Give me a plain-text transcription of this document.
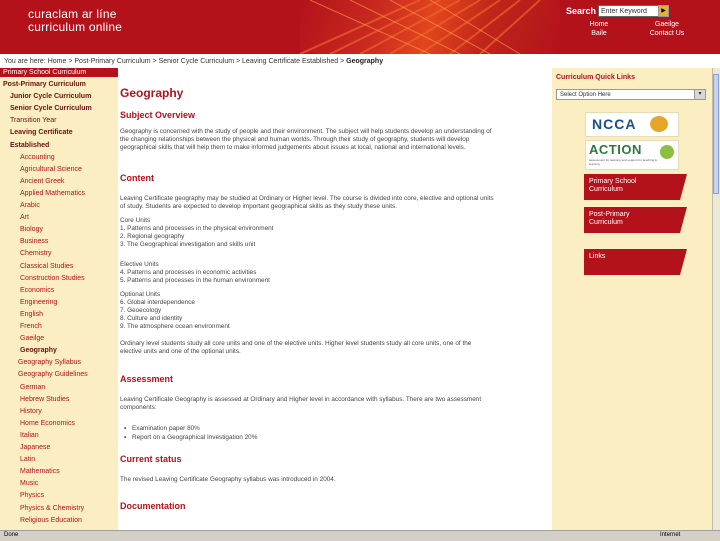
curaclam ar líne
curriculum online
Search
Enter Keyword	▶
Home
Baile
Gaeilge
Contact Us
You are here: Home > Post-Primary Curriculum > Senior Cycle Curriculum > Leaving Certificate Established > Geography
Primary School Curriculum
Post-Primary Curriculum
Junior Cycle Curriculum
Senior Cycle Curriculum
Transition Year
Leaving Certificate
Established
Accounting
Agricultural Science
Ancient Greek
Applied Mathematics
Arabic
Art
Biology
Business
Chemistry
Classical Studies
Construction Studies
Economics
Engineering
English
French
Gaeilge
Geography
Geography Syllabus
Geography Guidelines
German
Hebrew Studies
History
Home Economics
Italian
Japanese
Latin
Mathematics
Music
Physics
Physics & Chemistry
Religious Education
Geography
Subject Overview
Geography is concerned with the study of people and their environment. The subject will help students develop an understanding of
the changing relationships between the physical and human worlds. Through their study of geography, students will develop
geographical skills that will help them to make informed judgements about issues at local, national and international levels.
Content
Leaving Certificate geography may be studied at Ordinary or Higher level. The course is divided into core, elective and optional units
of study. Students are expected to develop important geographical skills as they study these units.
Core Units
1. Patterns and processes in the physical environment
2. Regional geography
3. The Geographical investigation and skills unit
Elective Units
4. Patterns and processes in economic activities
5. Patterns and processes in the human environment
Optional Units
6. Global interdependence
7. Geoecology
8. Culture and identity
9. The atmosphere ocean environment
Ordinary level students study all core units and one of the elective units. Higher level students study all core units, one of the
elective units and one of the optional units.
Assessment
Leaving Certificate Geography is assessed at Ordinary and Higher level in accordance with syllabus. There are two assessment
components:
▪ Examination paper 80%
▪ Report on a Geographical Investigation 20%
Current status
The revised Leaving Certificate Geography syllabus was introduced in 2004.
Documentation
Curriculum Quick Links
Select Option Here	▾
NCCA
ACTION
assessment for learning and support for teaching & learning
Primary School
Curriculum
Post-Primary
Curriculum
Links
Done	Internet
